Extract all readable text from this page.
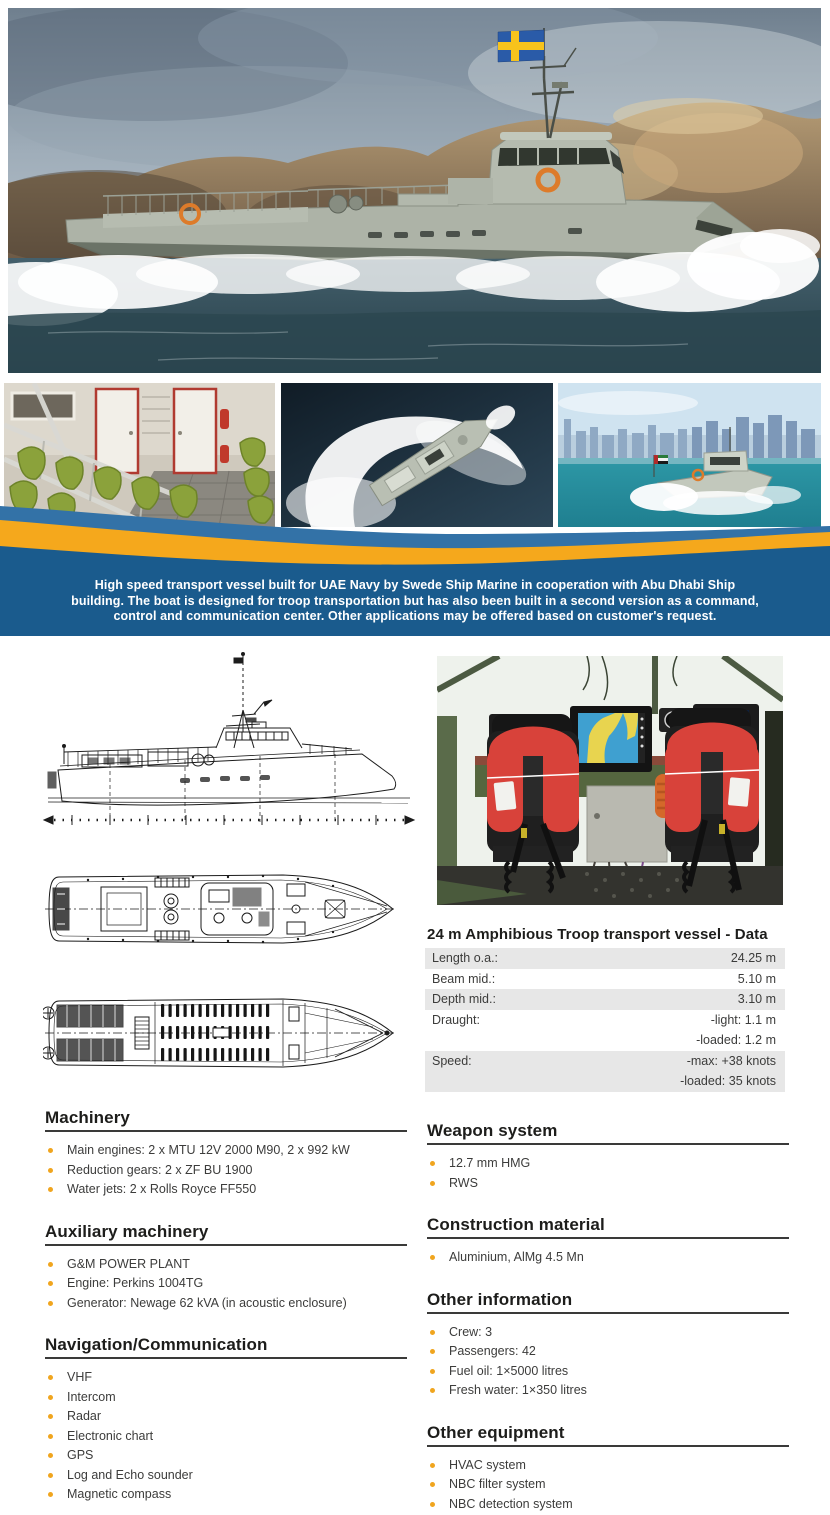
High speed transport vessel built for UAE Navy by Swede Ship Marine in cooperation with Abu Dhabi Ship
building. The boat is designed for troop transportation but has also been built in a second version as a command,
control and communication center. Other applications may be offered based on customer's request.
24 m Amphibious Troop transport vessel - Data
Length o.a.:	24.25 m
Beam mid.:	5.10 m
Depth mid.:	3.10 m
Draught:	-light: 1.1 m
-loaded: 1.2 m
Speed:	-max: +38 knots
-loaded: 35 knots
Machinery
Main engines: 2 x MTU 12V 2000 M90, 2 x 992 kW
Reduction gears: 2 x ZF BU 1900
Water jets: 2 x Rolls Royce FF550
Auxiliary machinery
G&M POWER PLANT
Engine: Perkins 1004TG
Generator: Newage 62 kVA (in acoustic enclosure)
Navigation/Communication
VHF
Intercom
Radar
Electronic chart
GPS
Log and Echo sounder
Magnetic compass
Weapon system
12.7 mm HMG
RWS
Construction material
Aluminium, AlMg 4.5 Mn
Other information
Crew: 3
Passengers: 42
Fuel oil: 1×5000 litres
Fresh water: 1×350 litres
Other equipment
HVAC system
NBC filter system
NBC detection system
